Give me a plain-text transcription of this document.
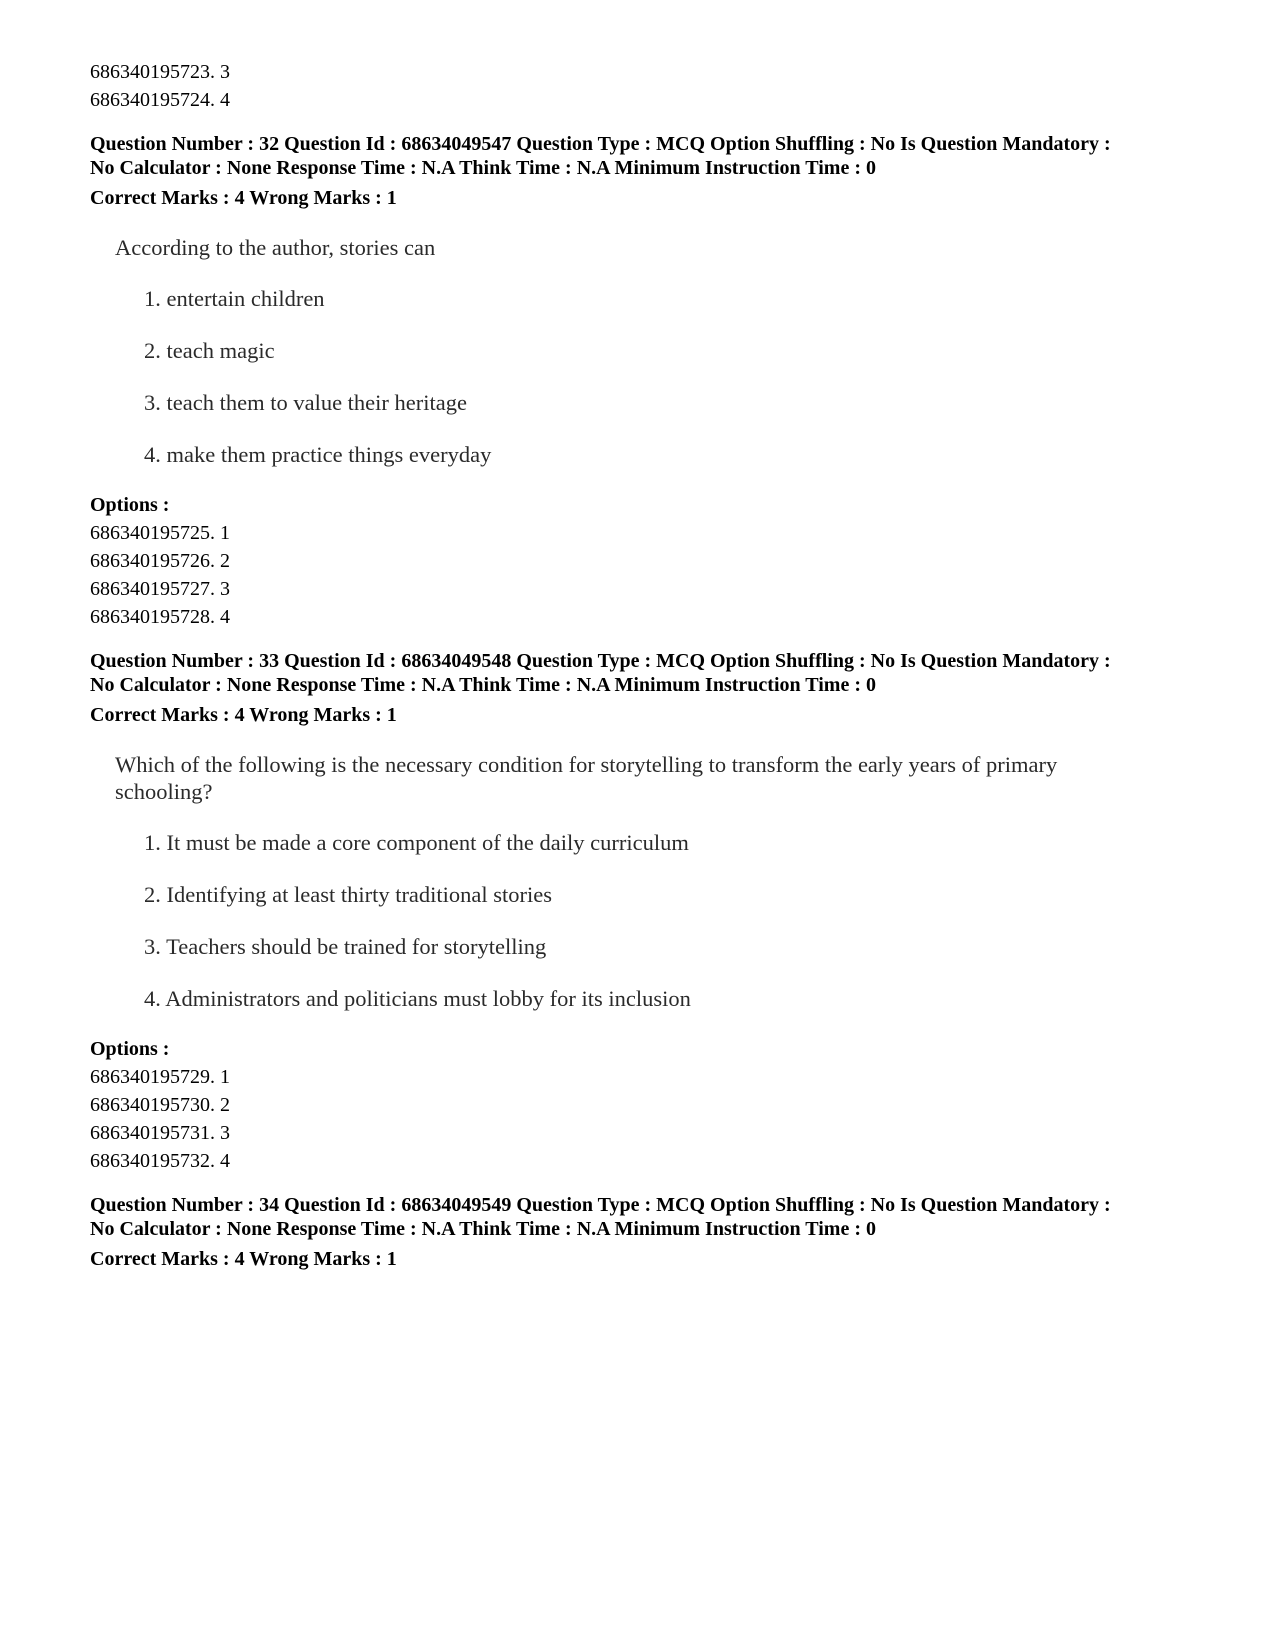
686340195723. 3
686340195724. 4
Question Number : 32 Question Id : 68634049547 Question Type : MCQ Option Shuffling : No Is Question Mandatory :
No Calculator : None Response Time : N.A Think Time : N.A Minimum Instruction Time : 0
Correct Marks : 4 Wrong Marks : 1
According to the author, stories can
1. entertain children
2. teach magic
3. teach them to value their heritage
4. make them practice things everyday
Options :
686340195725. 1
686340195726. 2
686340195727. 3
686340195728. 4
Question Number : 33 Question Id : 68634049548 Question Type : MCQ Option Shuffling : No Is Question Mandatory :
No Calculator : None Response Time : N.A Think Time : N.A Minimum Instruction Time : 0
Correct Marks : 4 Wrong Marks : 1
Which of the following is the necessary condition for storytelling to transform the early years of primary schooling?
1. It must be made a core component of the daily curriculum
2. Identifying at least thirty traditional stories
3. Teachers should be trained for storytelling
4. Administrators and politicians must lobby for its inclusion
Options :
686340195729. 1
686340195730. 2
686340195731. 3
686340195732. 4
Question Number : 34 Question Id : 68634049549 Question Type : MCQ Option Shuffling : No Is Question Mandatory :
No Calculator : None Response Time : N.A Think Time : N.A Minimum Instruction Time : 0
Correct Marks : 4 Wrong Marks : 1
